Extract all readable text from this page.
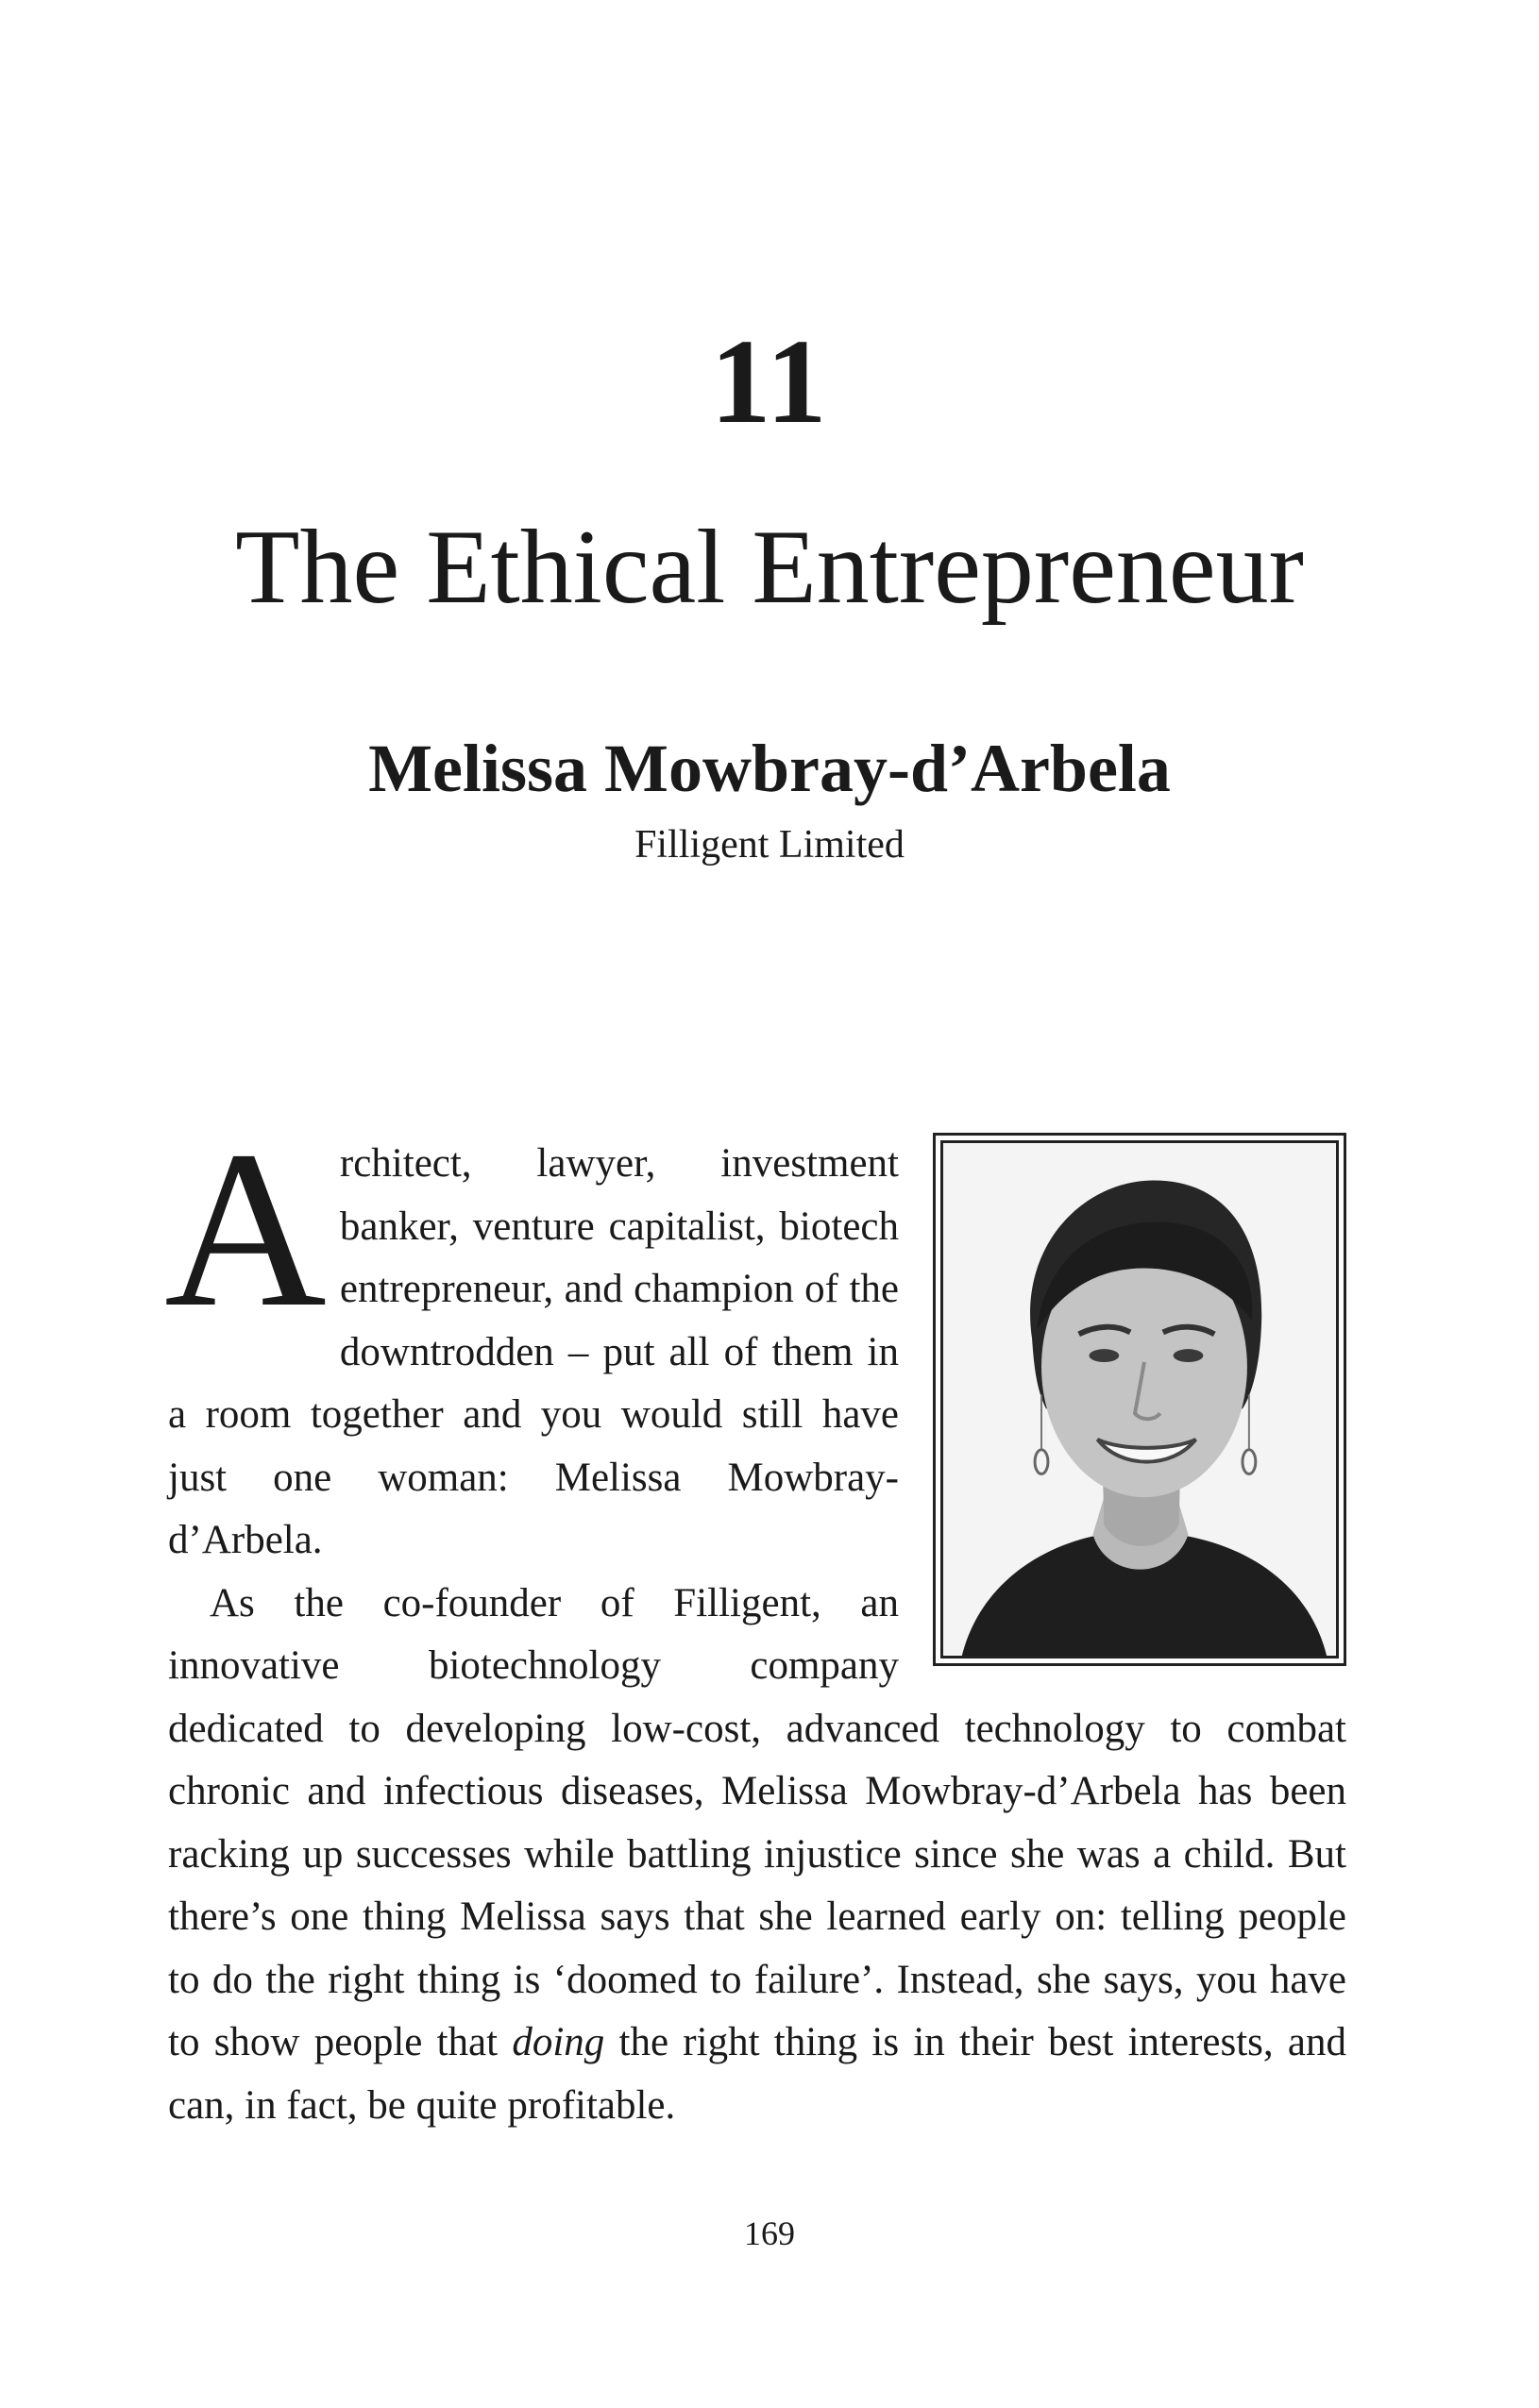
11
The Ethical Entrepreneur
Melissa Mowbray-d’Arbela
Filligent Limited

Architect, lawyer, investment banker, venture capitalist, biotech entrepreneur, and champion of the downtrodden – put all of them in a room together and you would still have just one woman: Melissa Mowbray-d’Arbela.

As the co-founder of Filligent, an innovative biotechnology company dedicated to developing low-cost, advanced technology to combat chronic and infectious diseases, Melissa Mowbray-d’Arbela has been racking up successes while battling injustice since she was a child. But there’s one thing Melissa says that she learned early on: telling people to do the right thing is ‘doomed to failure’. Instead, she says, you have to show people that doing the right thing is in their best interests, and can, in fact, be quite profitable.

169
